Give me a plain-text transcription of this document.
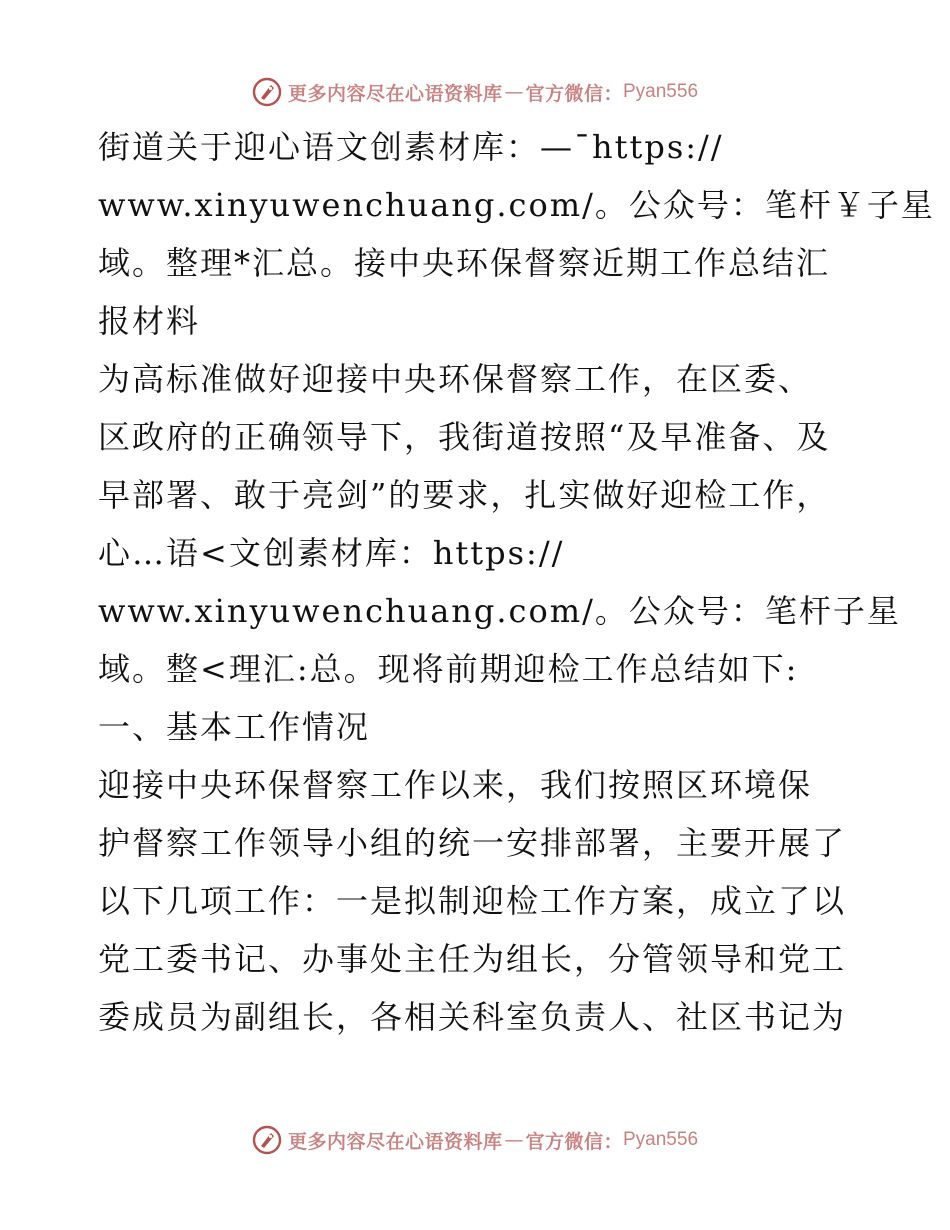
更多内容尽在心语资料库 — 官方微信： Pyan556

街道关于迎心语文创素材库：—¯https://
www.xinyuwenchuang.com/。公众号：笔杆￥子星
域。整理*汇总。接中央环保督察近期工作总结汇
报材料

为高标准做好迎接中央环保督察工作，在区委、
区政府的正确领导下，我街道按照“及早准备、及
早部署、敢于亮剑”的要求，扎实做好迎检工作，
心…语<文创素材库：https://
www.xinyuwenchuang.com/。公众号：笔杆子星
域。整<理汇:总。现将前期迎检工作总结如下:

一、基本工作情况

迎接中央环保督察工作以来，我们按照区环境保
护督察工作领导小组的统一安排部署，主要开展了
以下几项工作：一是拟制迎检工作方案，成立了以
党工委书记、办事处主任为组长，分管领导和党工
委成员为副组长，各相关科室负责人、社区书记为

更多内容尽在心语资料库 — 官方微信： Pyan556
